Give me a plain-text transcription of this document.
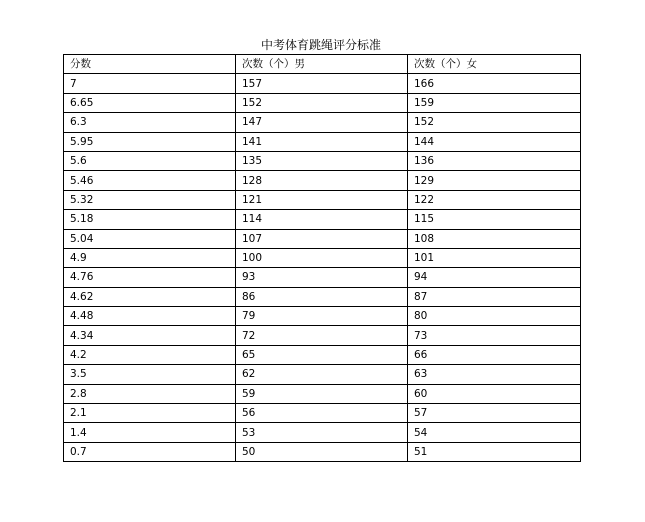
中考体育跳绳评分标准
分数	次数（个）男	次数（个）女
7	157	166
6.65	152	159
6.3	147	152
5.95	141	144
5.6	135	136
5.46	128	129
5.32	121	122
5.18	114	115
5.04	107	108
4.9	100	101
4.76	93	94
4.62	86	87
4.48	79	80
4.34	72	73
4.2	65	66
3.5	62	63
2.8	59	60
2.1	56	57
1.4	53	54
0.7	50	51
